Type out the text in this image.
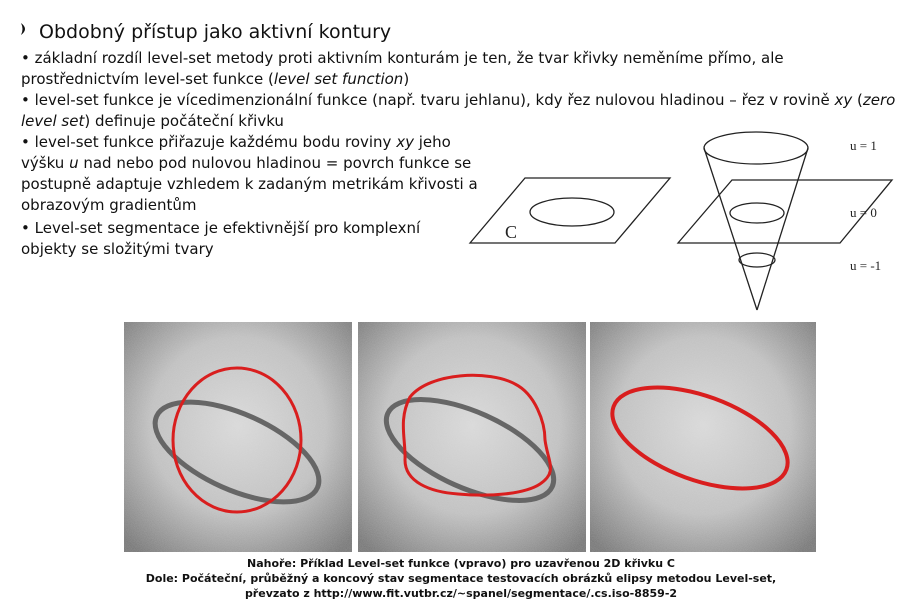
Obdobný přístup jako aktivní kontury
• základní rozdíl level-set metody proti aktivním konturám je ten, že tvar křivky neměníme přímo, ale prostřednictvím level-set funkce (level set function)
• level-set funkce je vícedimenzionální funkce (např. tvaru jehlanu), kdy řez nulovou hladinou – řez v rovině xy (zero level set) definuje počáteční křivku
• level-set funkce přiřazuje každému bodu roviny xy jeho výšku u nad nebo pod nulovou hladinou = povrch funkce se postupně adaptuje vzhledem k zadaným metrikám křivosti a obrazovým gradientům
• Level-set segmentace je efektivnější pro komplexní objekty se složitými tvary
C
u = 1
u = 0
u = -1
Nahoře: Příklad Level-set funkce (vpravo) pro uzavřenou 2D křivku C
Dole: Počáteční, průběžný a koncový stav segmentace testovacích obrázků elipsy metodou Level-set,
převzato z http://www.fit.vutbr.cz/~spanel/segmentace/.cs.iso-8859-2
